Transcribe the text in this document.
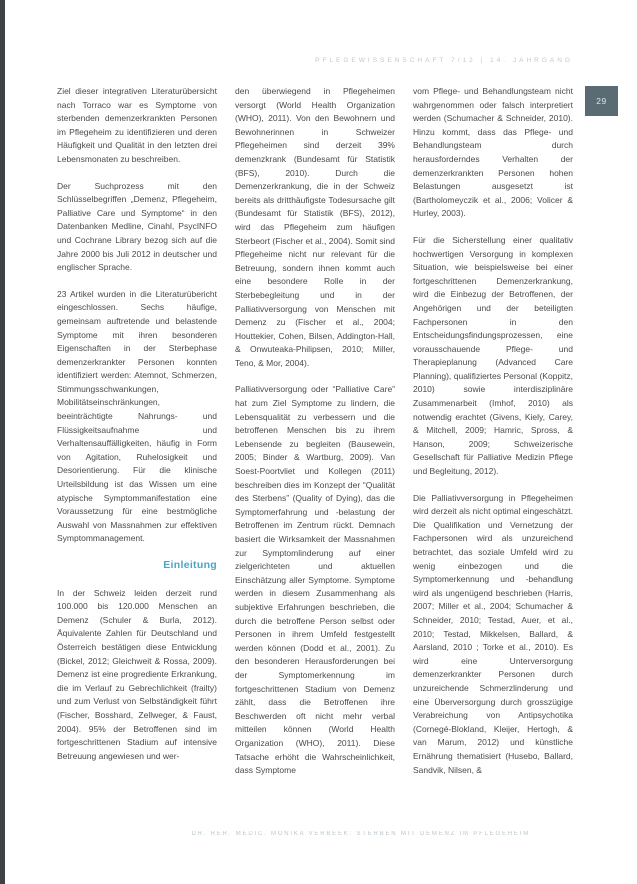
PFLEGEWISSENSCHAFT 7/12 | 14. JAHRGANG
29

Ziel dieser integrativen Literaturübersicht nach Torraco war es Symptome von sterbenden demenzerkrankten Personen im Pflegeheim zu identifizieren und deren Häufigkeit und Qualität in den letzten drei Lebensmonaten zu beschreiben.

Der Suchprozess mit den Schlüsselbegriffen „Demenz, Pflegeheim, Palliative Care und Symptome“ in den Datenbanken Medline, Cinahl, PsycINFO und Cochrane Library bezog sich auf die Jahre 2000 bis Juli 2012 in deutscher und englischer Sprache.

23 Artikel wurden in die Literaturübericht eingeschlossen. Sechs häufige, gemeinsam auftretende und belastende Symptome mit ihren besonderen Eigenschaften in der Sterbephase demenzerkrankter Personen konnten identifiziert werden: Atemnot, Schmerzen, Stimmungsschwankungen, Mobilitätseinschränkungen, beeinträchtigte Nahrungs- und Flüssigkeitsaufnahme und Verhaltensauffälligkeiten, häufig in Form von Agitation, Ruhelosigkeit und Desorientierung. Für die klinische Urteilsbildung ist das Wissen um eine atypische Symptommanifestation eine Voraussetzung für eine bestmögliche Auswahl von Massnahmen zur effektiven Symptommanagement.

Einleitung

In der Schweiz leiden derzeit rund 100.000 bis 120.000 Menschen an Demenz (Schuler & Burla, 2012). Äquivalente Zahlen für Deutschland und Österreich bestätigen diese Entwicklung (Bickel, 2012; Gleichweit & Rossa, 2009). Demenz ist eine progrediente Erkrankung, die im Verlauf zu Gebrechlichkeit (frailty) und zum Verlust von Selbständigkeit führt (Fischer, Bosshard, Zellweger, & Faust, 2004). 95% der Betroffenen sind im fortgeschrittenen Stadium auf intensive Betreuung angewiesen und wer-

den überwiegend in Pflegeheimen versorgt (World Health Organization (WHO), 2011). Von den Bewohnern und Bewohnerinnen in Schweizer Pflegeheimen sind derzeit 39% demenzkrank (Bundesamt für Statistik (BFS), 2010). Durch die Demenzerkrankung, die in der Schweiz bereits als dritthäufigste Todesursache gilt (Bundesamt für Statistik (BFS), 2012), wird das Pflegeheim zum häufigen Sterbeort (Fischer et al., 2004). Somit sind Pflegeheime nicht nur relevant für die Betreuung, sondern ihnen kommt auch eine besondere Rolle in der Sterbebegleitung und in der Palliativversorgung von Menschen mit Demenz zu (Fischer et al., 2004; Houttekier, Cohen, Bilsen, Addington-Hall, & Onwuteaka-Philipsen, 2010; Miller, Teno, & Mor, 2004).

Palliativversorgung oder “Palliative Care” hat zum Ziel Symptome zu lindern, die Lebensqualität zu verbessern und die betroffenen Menschen bis zu ihrem Lebensende zu begleiten (Bausewein, 2005; Binder & Wartburg, 2009). Van Soest-Poortvliet und Kollegen (2011) beschreiben dies im Konzept der “Qualität des Sterbens” (Quality of Dying), das die Symptomerfahrung und -belastung der Betroffenen im Zentrum rückt. Demnach basiert die Wirksamkeit der Massnahmen zur Symptomlinderung auf einer zielgerichteten und aktuellen Einschätzung aller Symptome. Symptome werden in diesem Zusammenhang als subjektive Erfahrungen beschrieben, die durch die betroffene Person selbst oder Personen in ihrem Umfeld festgestellt werden können (Dodd et al., 2001). Zu den besonderen Herausforderungen bei der Symptomerkennung im fortgeschrittenen Stadium von Demenz zählt, dass die Betroffenen ihre Beschwerden oft nicht mehr verbal mitteilen können (World Health Organization (WHO), 2011). Diese Tatsache erhöht die Wahrscheinlichkeit, dass Symptome

vom Pflege- und Behandlungsteam nicht wahrgenommen oder falsch interpretiert werden (Schumacher & Schneider, 2010). Hinzu kommt, dass das Pflege- und Behandlungsteam durch herausforderndes Verhalten der demenzerkrankten Personen hohen Belastungen ausgesetzt ist (Bartholomeyczik et al., 2006; Volicer & Hurley, 2003).

Für die Sicherstellung einer qualitativ hochwertigen Versorgung in komplexen Situation, wie beispielsweise bei einer fortgeschrittenen Demenzerkrankung, wird die Einbezug der Betroffenen, der Angehörigen und der beteiligten Fachpersonen in den Entscheidungsfindungsprozessen, eine vorausschauende Pflege- und Therapieplanung (Advanced Care Planning), qualifiziertes Personal (Koppitz, 2010) sowie interdisziplinäre Zusammenarbeit (Imhof, 2010) als notwendig erachtet (Givens, Kiely, Carey, & Mitchell, 2009; Hamric, Spross, & Hanson, 2009; Schweizerische Gesellschaft für Palliative Medizin Pflege und Begleitung, 2012).

Die Palliativversorgung in Pflegeheimen wird derzeit als nicht optimal eingeschätzt. Die Qualifikation und Vernetzung der Fachpersonen wird als unzureichend betrachtet, das soziale Umfeld wird zu wenig einbezogen und die Symptomerkennung und -behandlung wird als ungenügend beschrieben (Harris, 2007; Miller et al., 2004; Schumacher & Schneider, 2010; Testad, Auer, et al., 2010; Testad, Mikkelsen, Ballard, & Aarsland, 2010 ; Torke et al., 2010). Es wird eine Unterversorgung demenzerkrankter Personen durch unzureichende Schmerzlinderung und eine Überversorgung durch grosszügige Verabreichung von Antipsychotika (Cornegé-Blokland, Kleijer, Hertogh, & van Marum, 2012) und künstliche Ernährung thematisiert (Husebo, Ballard, Sandvik, Nilsen, &

DR. RER. MEDIC. MONIKA VERBEEK: STERBEN MIT DEMENZ IM PFLEGEHEIM
